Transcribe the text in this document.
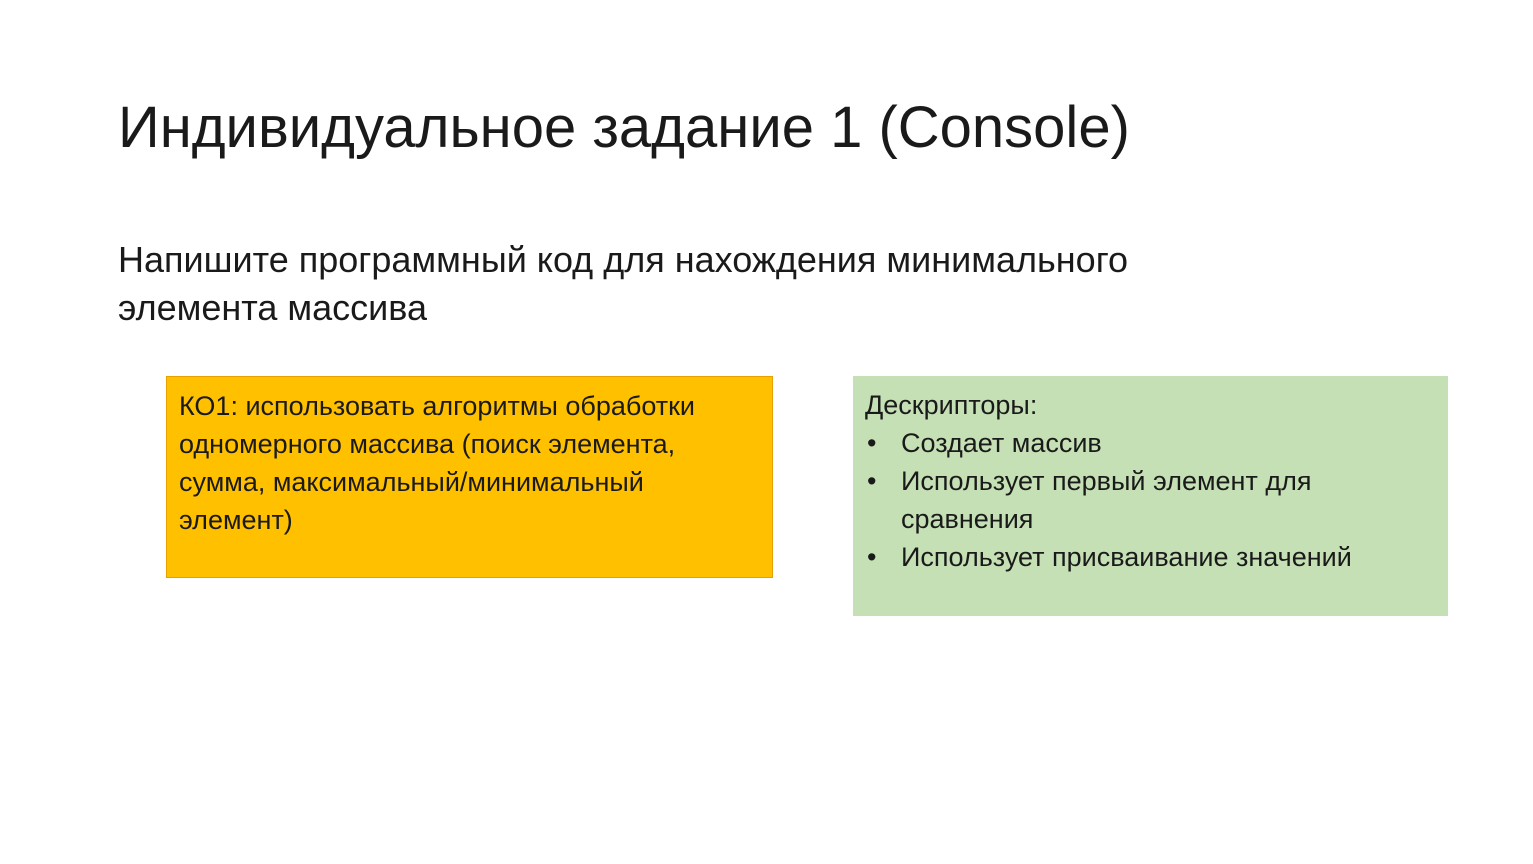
Индивидуальное задание 1 (Console)

Напишите программный код для нахождения минимального
элемента массива

КО1: использовать алгоритмы обработки
одномерного массива (поиск элемента,
сумма, максимальный/минимальный
элемент)
Дескрипторы:
• Создает массив
• Использует первый элемент для
сравнения
• Использует присваивание значений
